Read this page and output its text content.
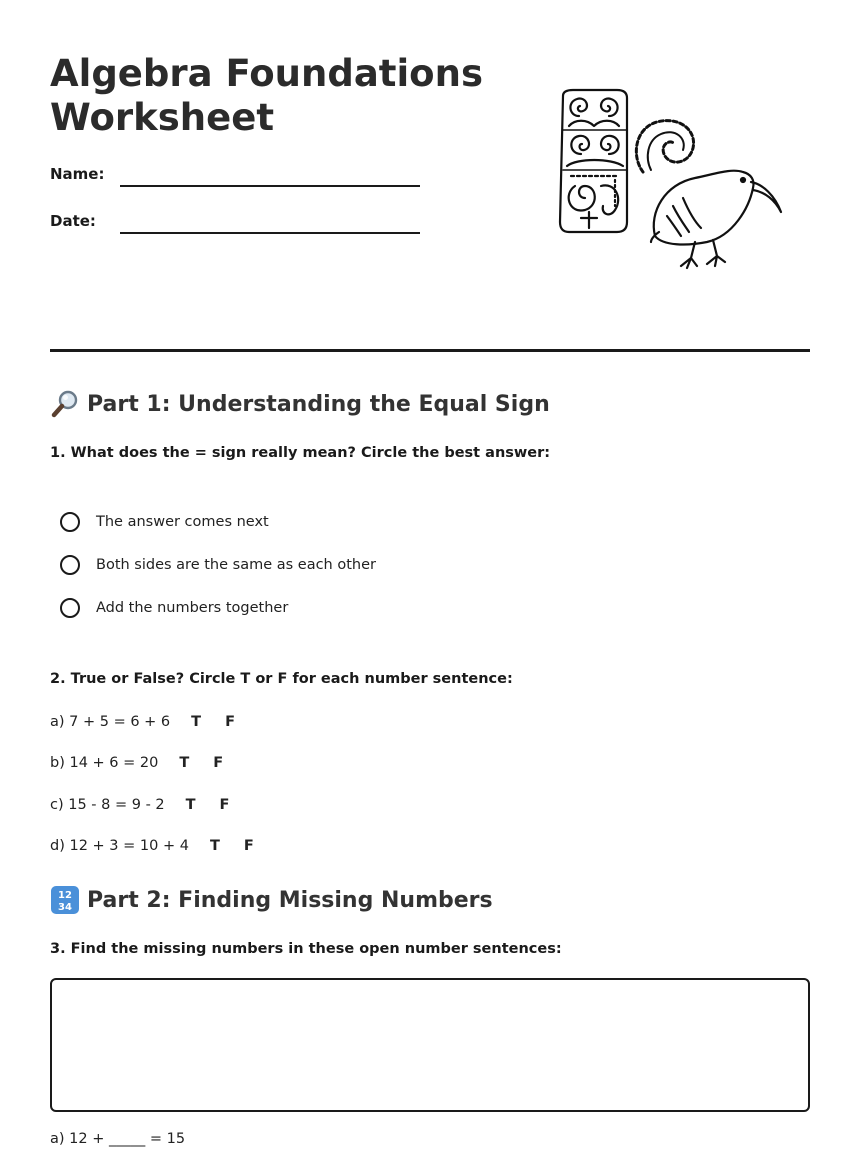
Algebra Foundations
Worksheet
Name:
Date:
Part 1: Understanding the Equal Sign
1. What does the = sign really mean? Circle the best answer:
The answer comes next
Both sides are the same as each other
Add the numbers together
2. True or False? Circle T or F for each number sentence:
a) 7 + 5 = 6 + 6 T F
b) 14 + 6 = 20 T F
c) 15 - 8 = 9 - 2 T F
d) 12 + 3 = 10 + 4 T F
12
34 Part 2: Finding Missing Numbers
3. Find the missing numbers in these open number sentences:
a) 12 + _____ = 15
